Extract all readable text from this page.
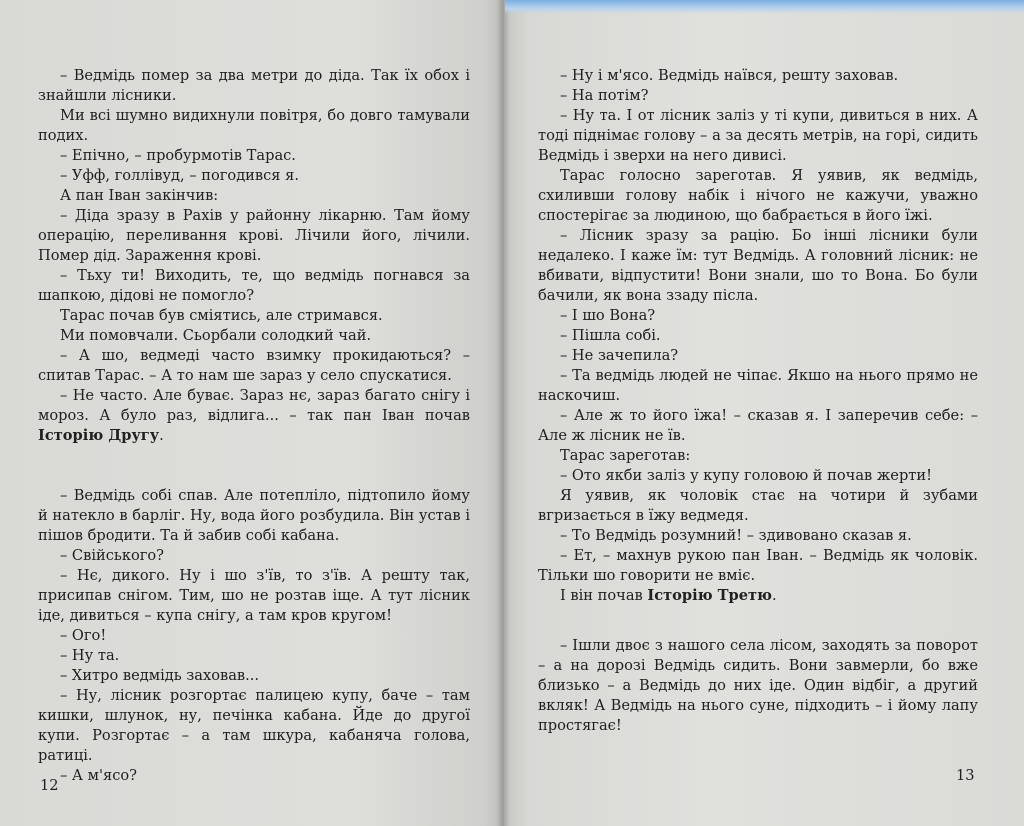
– Ведмідь помер за два метри до діда. Так їх обох і знайшли лісники.

Ми всі шумно видихнули повітря, бо довго тамували подих.

– Епічно, – пробурмотів Тарас.

– Уфф, голлівуд, – погодився я.

А пан Іван закінчив:

– Діда зразу в Рахів у районну лікарню. Там йому операцію, переливання крові. Лічили його, лічили. Помер дід. Зараження крові.

– Тьху ти! Виходить, те, що ведмідь погнався за шапкою, дідові не помогло?

Тарас почав був сміятись, але стримався.

Ми помовчали. Сьорбали солодкий чай.

– А шо, ведмеді часто взимку прокидаються? – спитав Тарас. – А то нам ше зараз у село спускатися.

– Не часто. Але буває. Зараз нє, зараз багато снігу і мороз. А було раз, відлига... – так пан Іван почав Історію Другу.

– Ведмідь собі спав. Але потепліло, підтопило йому й натекло в барліг. Ну, вода його розбудила. Він устав і пішов бродити. Та й забив собі кабана.

– Свійського?

– Нє, дикого. Ну і шо з'їв, то з'їв. А решту так, присипав снігом. Тим, шо не розтав іще. А тут лісник іде, дивиться – купа снігу, а там кров кругом!

– Ого!

– Ну та.

– Хитро ведмідь заховав...

– Ну, лісник розгортає палицею купу, баче – там кишки, шлунок, ну, печінка кабана. Йде до другої купи. Розгортає – а там шкура, кабаняча голова, ратиці.

– А м'ясо?

12

– Ну і м'ясо. Ведмідь наївся, решту заховав.

– На потім?

– Ну та. І от лісник заліз у ті купи, дивиться в них. А тоді піднімає голову – а за десять метрів, на горі, сидить Ведмідь і зверхи на него дивисі.

Тарас голосно зареготав. Я уявив, як ведмідь, схиливши голову набік і нічого не кажучи, уважно спостерігає за людиною, що бабрається в його їжі.

– Лісник зразу за рацію. Бо інші лісники були недалеко. І каже їм: тут Ведмідь. А головний лісник: не вбивати, відпустити! Вони знали, шо то Вона. Бо були бачили, як вона ззаду післа.

– І шо Вона?

– Пішла собі.

– Не зачепила?

– Та ведмідь людей не чіпає. Якшо на нього прямо не наскочиш.

– Але ж то його їжа! – сказав я. І заперечив себе: – Але ж лісник не їв.

Тарас зареготав:

– Ото якби заліз у купу головою й почав жерти!

Я уявив, як чоловік стає на чотири й зубами вгризається в їжу ведмедя.

– То Ведмідь розумний! – здивовано сказав я.

– Ет, – махнув рукою пан Іван. – Ведмідь як чоловік. Тільки шо говорити не вміє.

І він почав Історію Третю.

– Ішли двоє з нашого села лісом, заходять за поворот – а на дорозі Ведмідь сидить. Вони завмерли, бо вже близько – а Ведмідь до них іде. Один відбіг, а другий вкляк! А Ведмідь на нього суне, підходить – і йому лапу простягає!

13
